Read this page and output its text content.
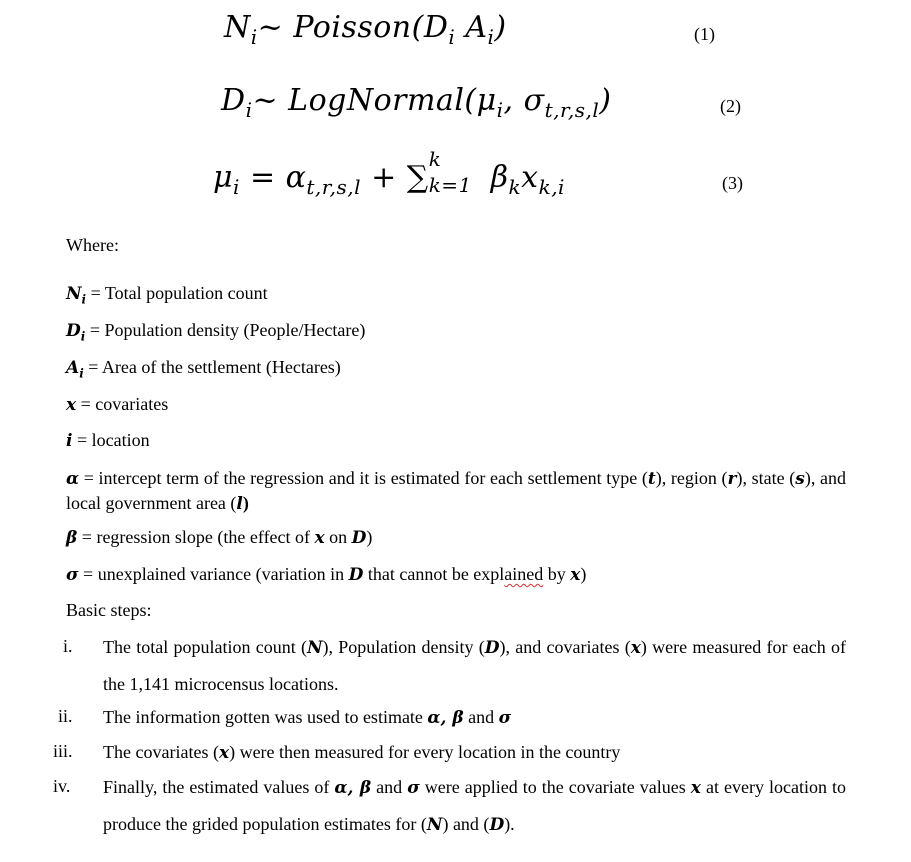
$N_i\sim$ $Poisson(D_i$ $A_i$)	(1)
$D_i\sim$ $LogNormal(\mu_i$, $\sigma_{t,r,s,l}$)	(2)
$\mu_i = \alpha_{t,r,s,l}$ + ∑
k
k=1 $\beta_kx_{k,i}$	(3)
Where:
$N_i$ = Total population count
$D_i$ = Population density (People/Hectare)
$A_i$ = Area of the settlement (Hectares)
x = covariates
i = location
α = intercept term of the regression and it is estimated for each settlement type (t), region (r), state (s), and local government area (l)
β = regression slope (the effect of x on D)
σ = unexplained variance (variation in D that cannot be explained by x)
Basic steps:
i. The total population count (N), Population density (D), and covariates (x) were measured for each of the 1,141 microcensus locations.
ii. The information gotten was used to estimate α, β and σ
iii. The covariates (x) were then measured for every location in the country
iv. Finally, the estimated values of α, β and σ were applied to the covariate values x at every location to produce the grided population estimates for (N) and (D).
